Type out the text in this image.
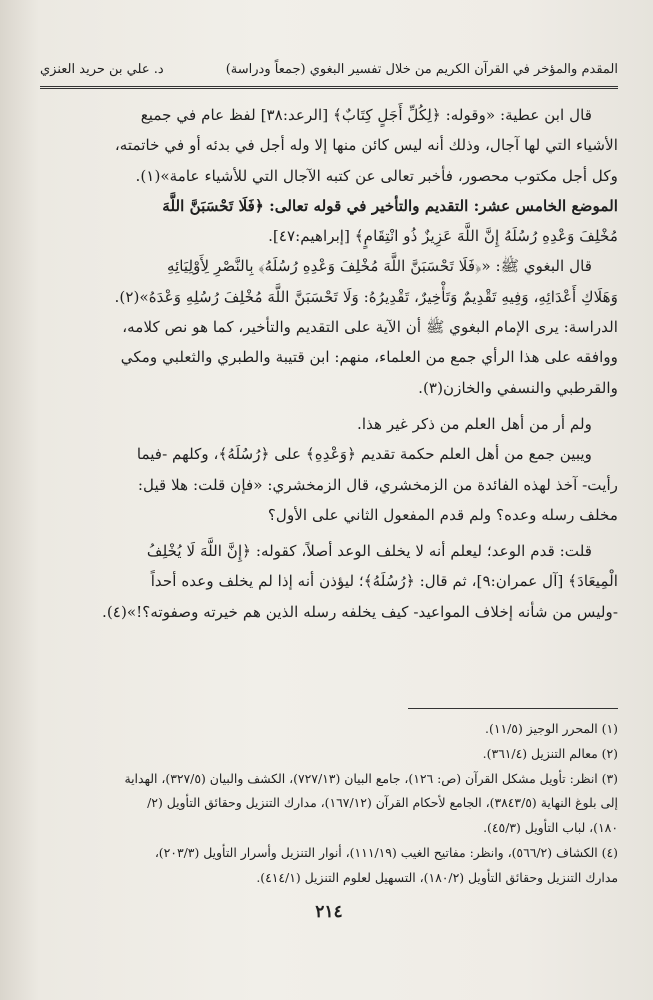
المقدم والمؤخر في القرآن الكريم من خلال تفسير البغوي (جمعاً ودراسة)
د. علي بن حريد العنزي

قال ابن عطية: «وقوله: ﴿لِكُلِّ أَجَلٍ كِتَابٌ﴾ [الرعد:٣٨] لفظ عام في جميع

الأشياء التي لها آجال، وذلك أنه ليس كائن منها إلا وله أجل في بدئه أو في خاتمته،

وكل أجل مكتوب محصور، فأخبر تعالى عن كتبه الآجال التي للأشياء عامة»(١).

الموضع الخامس عشر: التقديم والتأخير في قوله تعالى: ﴿فَلَا تَحْسَبَنَّ اللَّهَ

مُخْلِفَ وَعْدِهِ رُسُلَهُ إِنَّ اللَّهَ عَزِيزٌ ذُو انْتِقَامٍ﴾ [إبراهيم:٤٧].

قال البغوي ﷺ: «﴿فَلَا تَحْسَبَنَّ اللَّهَ مُخْلِفَ وَعْدِهِ رُسُلَهُ﴾ بِالنَّصْرِ لِأَوْلِيَائِهِ

وَهَلَاكِ أَعْدَائِهِ، وَفِيهِ تَقْدِيمٌ وَتَأْخِيرٌ، تَقْدِيرُهُ: وَلَا تَحْسَبَنَّ اللَّهَ مُخْلِفَ رُسُلِهِ وَعْدَهُ»(٢).

الدراسة: يرى الإمام البغوي ﷺ أن الآية على التقديم والتأخير، كما هو نص كلامه،

ووافقه على هذا الرأي جمع من العلماء، منهم: ابن قتيبة والطبري والثعلبي ومكي

والقرطبي والنسفي والخازن(٣).

ولم أر من أهل العلم من ذكر غير هذا.

ويبين جمع من أهل العلم حكمة تقديم ﴿وَعْدِهِ﴾ على ﴿رُسُلَهُ﴾، وكلهم -فيما

رأيت- آخذ لهذه الفائدة من الزمخشري، قال الزمخشري: «فإن قلت: هلا قيل:

مخلف رسله وعده؟ ولم قدم المفعول الثاني على الأول؟

قلت: قدم الوعد؛ ليعلم أنه لا يخلف الوعد أصلاً، كقوله: ﴿إِنَّ اللَّهَ لَا يُخْلِفُ

الْمِيعَادَ﴾ [آل عمران:٩]، ثم قال: ﴿رُسُلَهُ﴾؛ ليؤذن أنه إذا لم يخلف وعده أحداً

-وليس من شأنه إخلاف المواعيد- كيف يخلفه رسله الذين هم خيرته وصفوته؟!»(٤).

(١) المحرر الوجيز (١١/٥).

(٢) معالم التنزيل (٣٦١/٤).

(٣) انظر: تأويل مشكل القرآن (ص: ١٢٦)، جامع البيان (٧٢٧/١٣)، الكشف والبيان (٣٢٧/٥)، الهداية

إلى بلوغ النهاية (٣٨٤٣/٥)، الجامع لأحكام القرآن (١٦٧/١٢)، مدارك التنزيل وحقائق التأويل (٢/

١٨٠)، لباب التأويل (٤٥/٣).

(٤) الكشاف (٥٦٦/٢)، وانظر: مفاتيح الغيب (١١١/١٩)، أنوار التنزيل وأسرار التأويل (٢٠٣/٣)،

مدارك التنزيل وحقائق التأويل (١٨٠/٢)، التسهيل لعلوم التنزيل (٤١٤/١).

٢١٤
